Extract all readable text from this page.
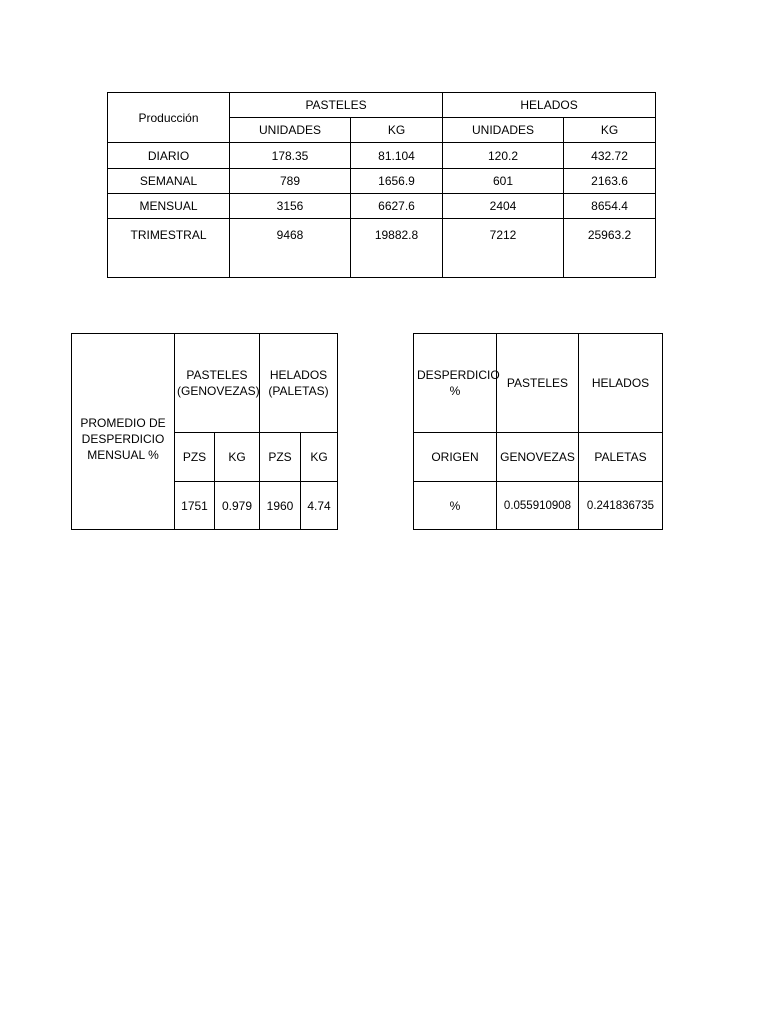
Producción	PASTELES		HELADOS	
	UNIDADES	KG	UNIDADES	KG
DIARIO	178.35	81.104	120.2	432.72
SEMANAL	789	1656.9	601	2163.6
MENSUAL	3156	6627.6	2404	8654.4
TRIMESTRAL	9468	19882.8	7212	25963.2
PROMEDIO DE DESPERDICIO MENSUAL %	PASTELES (GENOVEZAS)		HELADOS (PALETAS)	
	PZS	KG	PZS	KG
	1751	0.979	1960	4.74
DESPERDICIO %	PASTELES	HELADOS
ORIGEN	GENOVEZAS	PALETAS
%	0.055910908	0.241836735
